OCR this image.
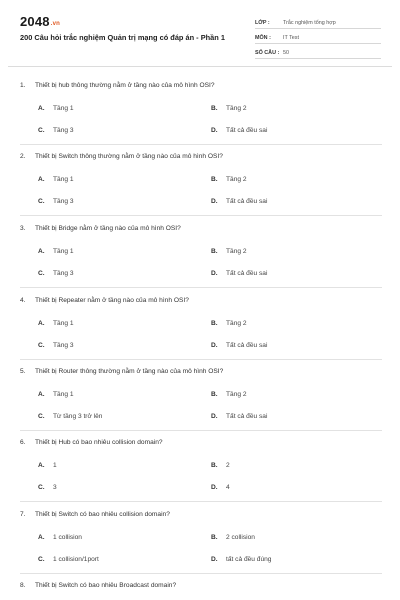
2048.vn
200 Câu hỏi trắc nghiệm Quản trị mạng có đáp án - Phần 1
LỚP :	Trắc nghiệm tổng hợp
MÔN :	IT Test
SỐ CÂU : 50
1. Thiết bị hub thông thường nằm ở tầng nào của mô hình OSI?
A. Tầng 1	B. Tầng 2
C. Tầng 3	D. Tất cả đều sai
2. Thiết bị Switch thông thường nằm ở tầng nào của mô hình OSI?
A. Tầng 1	B. Tầng 2
C. Tầng 3	D. Tất cả đều sai
3. Thiết bị Bridge nằm ở tầng nào của mô hình OSI?
A. Tầng 1	B. Tầng 2
C. Tầng 3	D. Tất cả đều sai
4. Thiết bị Repeater nằm ở tầng nào của mô hình OSI?
A. Tầng 1	B. Tầng 2
C. Tầng 3	D. Tất cả đều sai
5. Thiết bị Router thông thường nằm ở tầng nào của mô hình OSI?
A. Tầng 1	B. Tầng 2
C. Từ tầng 3 trở lên	D. Tất cả đều sai
6. Thiết bị Hub có bao nhiêu collision domain?
A. 1	B. 2
C. 3	D. 4
7. Thiết bị Switch có bao nhiêu collision domain?
A. 1 collision	B. 2 collision
C. 1 collision/1port	D. tất cả đều đúng
8. Thiết bị Switch có bao nhiêu Broadcast domain?
